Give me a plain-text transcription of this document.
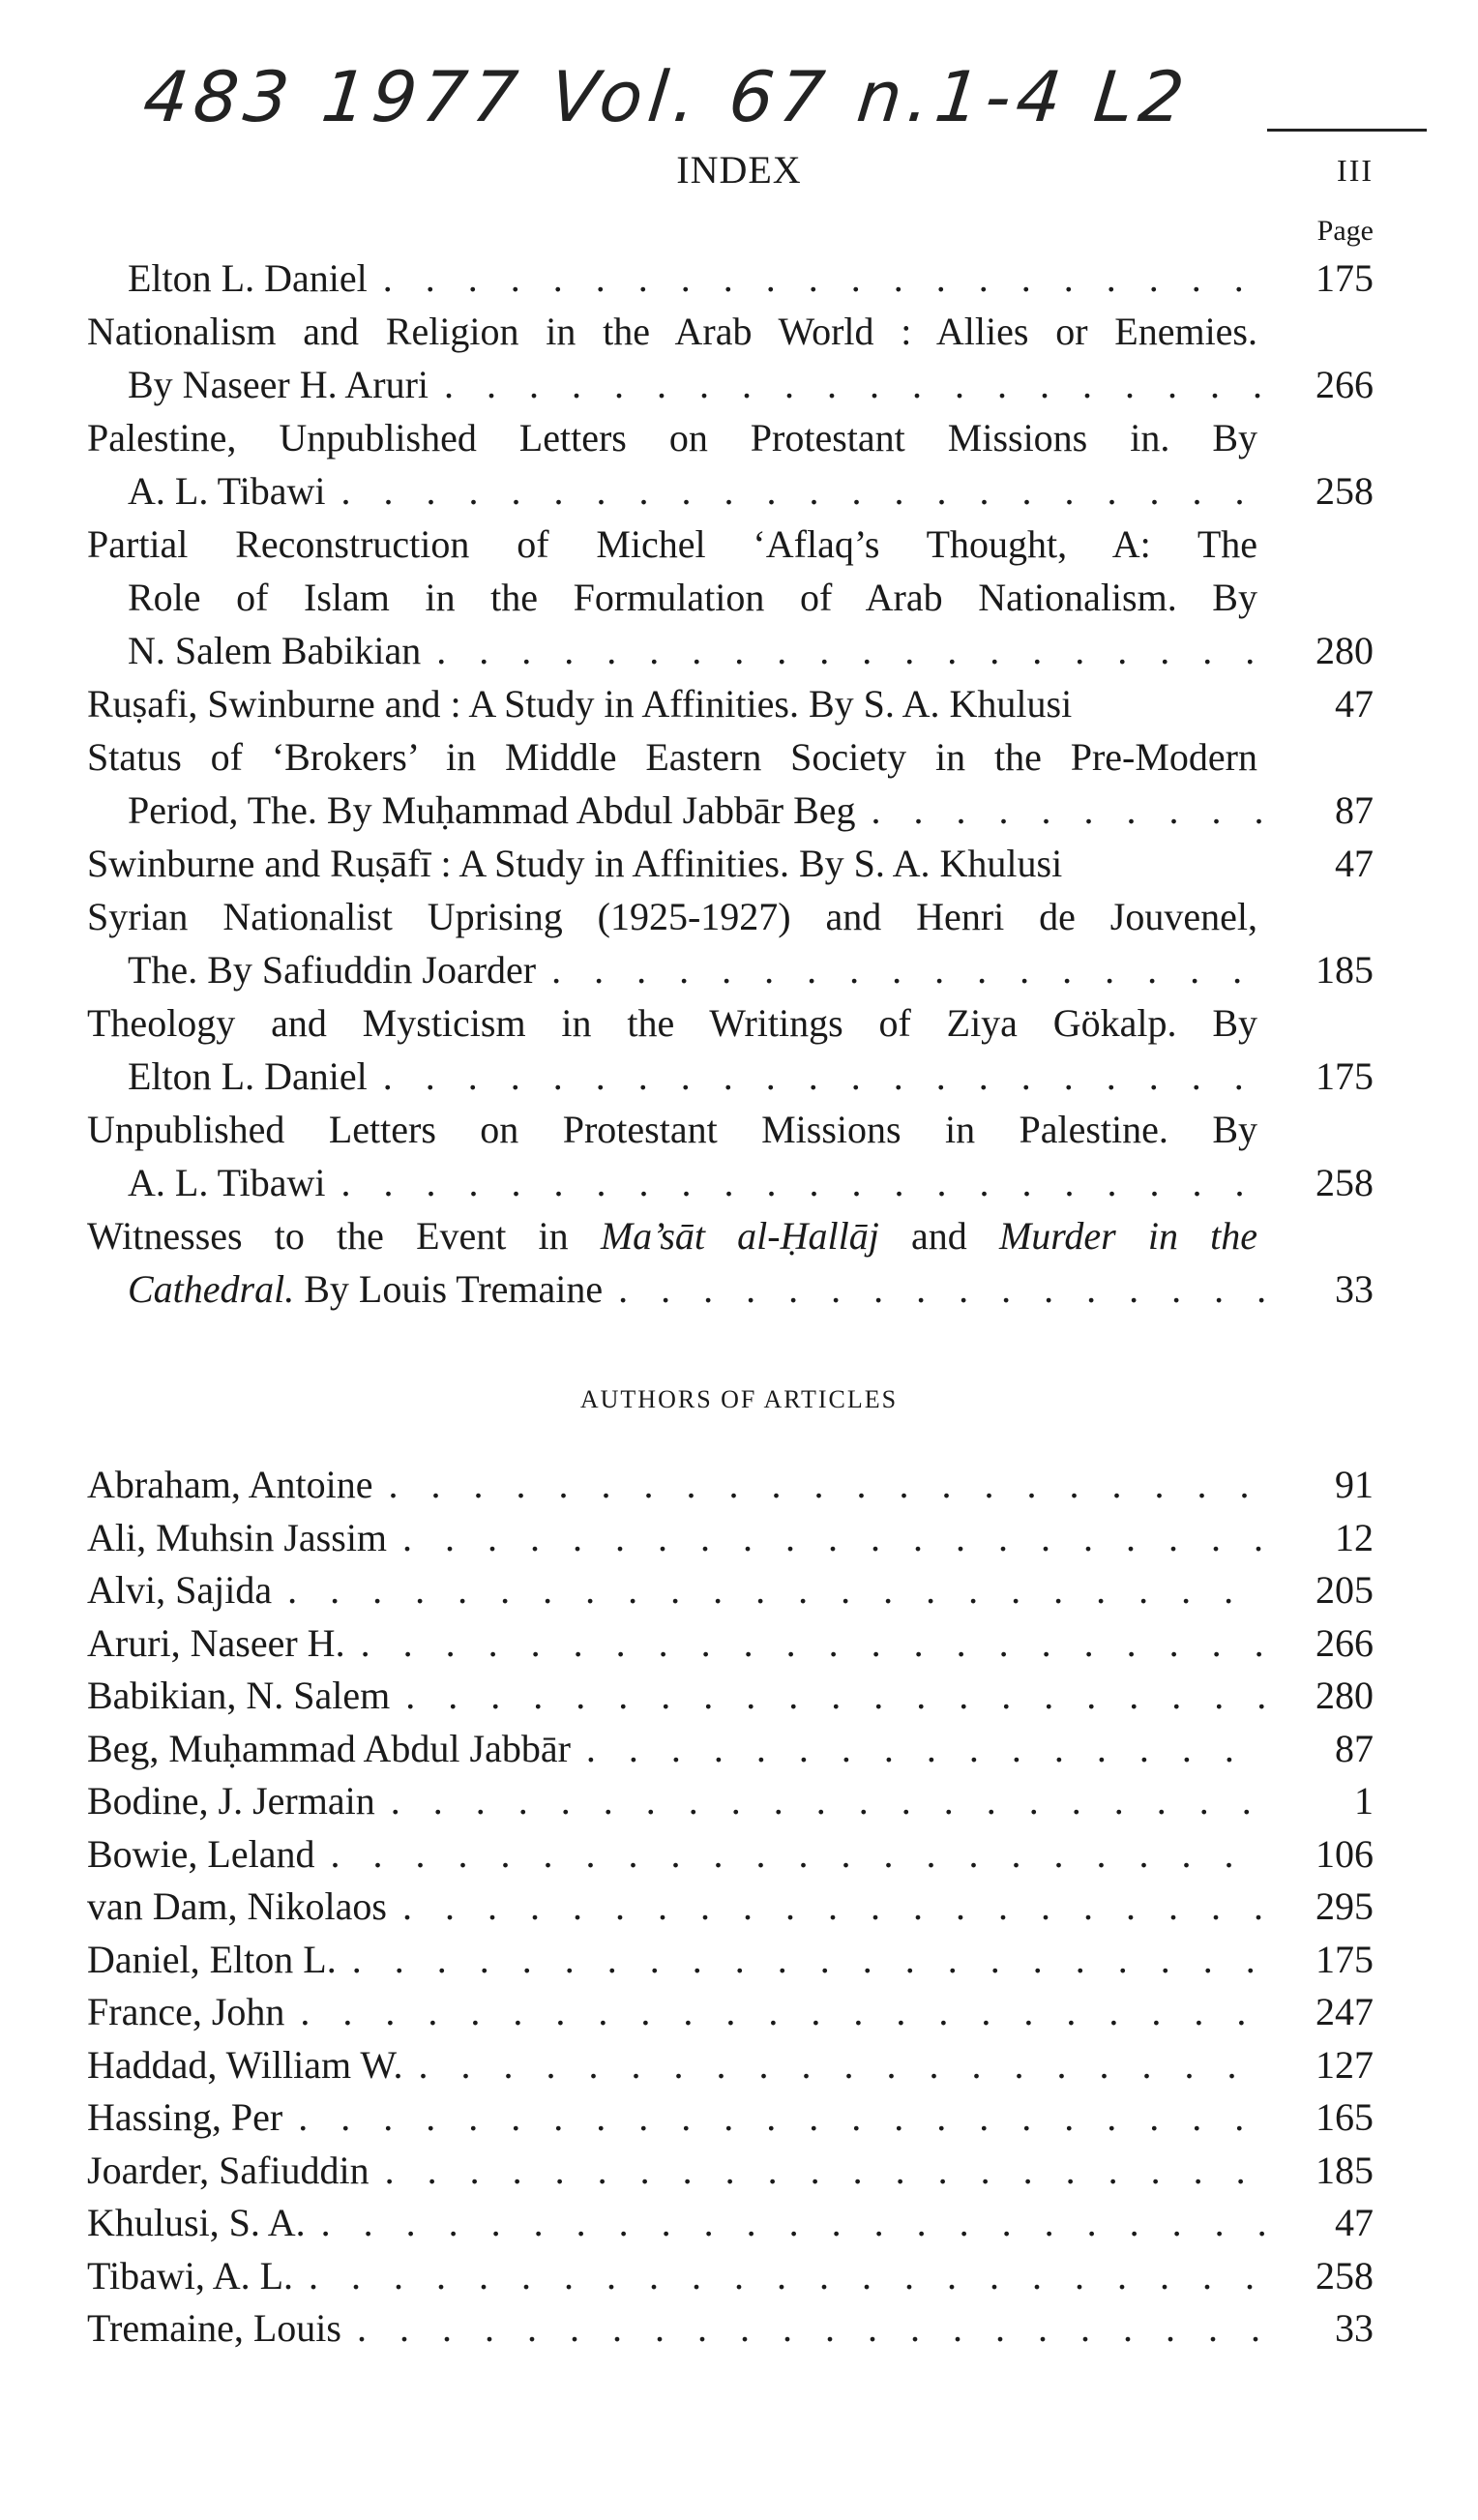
483 1977 Vol. 67 n.1-4 L2
INDEX	III
Page
Elton L. Daniel . . .	175
Nationalism and Religion in the Arab World : Allies or Enemies.
By Naseer H. Aruri . . .	266
Palestine, Unpublished Letters on Protestant Missions in. By
A. L. Tibawi . . .	258
Partial Reconstruction of Michel ‘Aflaq’s Thought, A: The
Role of Islam in the Formulation of Arab Nationalism. By
N. Salem Babikian . . .	280
Ruṣafi, Swinburne and : A Study in Affinities. By S. A. Khulusi	47
Status of ‘Brokers’ in Middle Eastern Society in the Pre-Modern
Period, The. By Muḥammad Abdul Jabbār Beg . . .	87
Swinburne and Ruṣāfī : A Study in Affinities. By S. A. Khulusi	47
Syrian Nationalist Uprising (1925-1927) and Henri de Jouvenel,
The. By Safiuddin Joarder . . .	185
Theology and Mysticism in the Writings of Ziya Gökalp. By
Elton L. Daniel . . .	175
Unpublished Letters on Protestant Missions in Palestine. By
A. L. Tibawi . . .	258
Witnesses to the Event in Ma’sāt al-Ḥallāj and Murder in the
Cathedral. By Louis Tremaine . . .	33
AUTHORS OF ARTICLES
Abraham, Antoine . . .	91
Ali, Muhsin Jassim . . .	12
Alvi, Sajida . . .	205
Aruri, Naseer H. . . .	266
Babikian, N. Salem . . .	280
Beg, Muḥammad Abdul Jabbār . . .	87
Bodine, J. Jermain . . .	1
Bowie, Leland . . .	106
van Dam, Nikolaos . . .	295
Daniel, Elton L. . . .	175
France, John . . .	247
Haddad, William W. . . .	127
Hassing, Per . . .	165
Joarder, Safiuddin . . .	185
Khulusi, S. A. . . .	47
Tibawi, A. L. . . .	258
Tremaine, Louis . . .	33
